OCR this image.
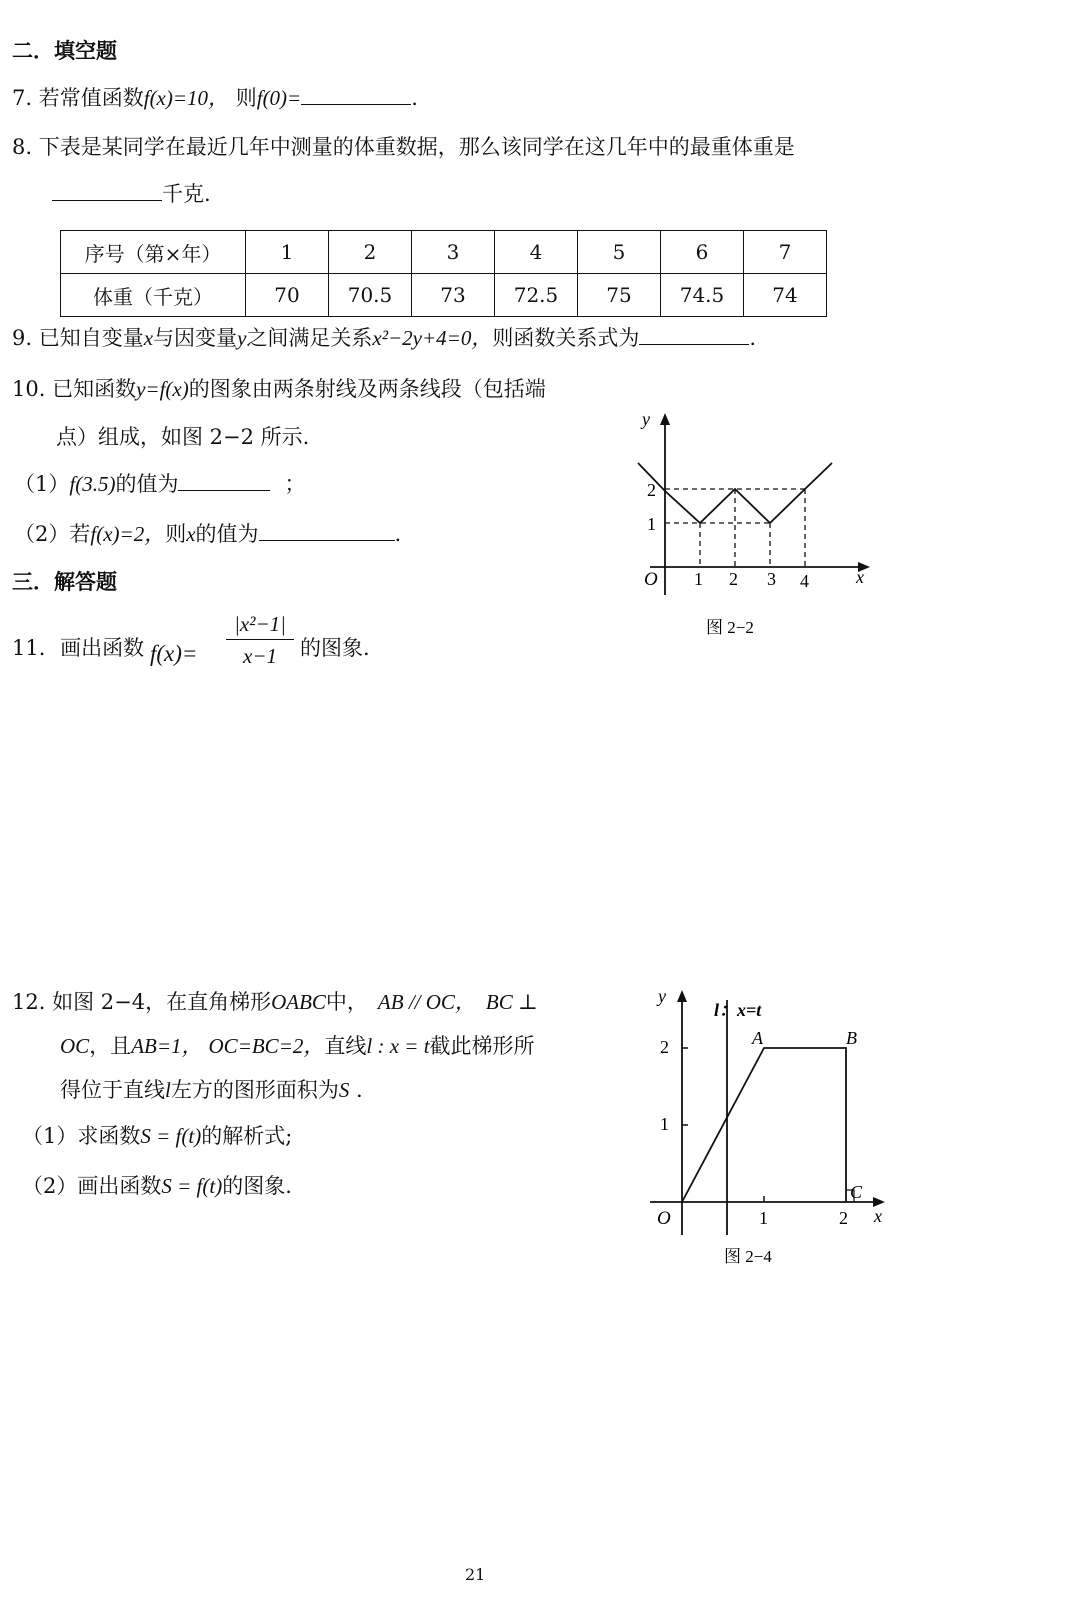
二．填空题
7. 若常值函数f(x)=10， 则f(0)=	.
8. 下表是某同学在最近几年中测量的体重数据，那么该同学在这几年中的最重体重是
千克.
序号（第×年）	1	2	3	4	5	6	7
体重（千克）	70	70.5	73	72.5	75	74.5	74
9. 已知自变量x与因变量y之间满足关系x²−2y+4=0，则函数关系式为	.
10. 已知函数y=f(x)的图象由两条射线及两条线段（包括端
点）组成，如图 2−2 所示.
（1）f(3.5)的值为	；
（2）若f(x)=2，则x的值为	.
y
x
O
2
1
1 2 3 4
图 2−2
三．解答题
11. 画出函数 f(x)=
|x²−1|
x−1	的图象.
12. 如图 2−4，在直角梯形OABC中， AB // OC， BC ⊥
OC，且AB=1， OC=BC=2，直线l : x = t截此梯形所
得位于直线l左方的图形面积为S .
（1）求函数S = f(t)的解析式;
（2）画出函数S = f(t)的图象.
y
x
O
l：x=t
A	B
C
2
1
1	2
图 2−4
21
